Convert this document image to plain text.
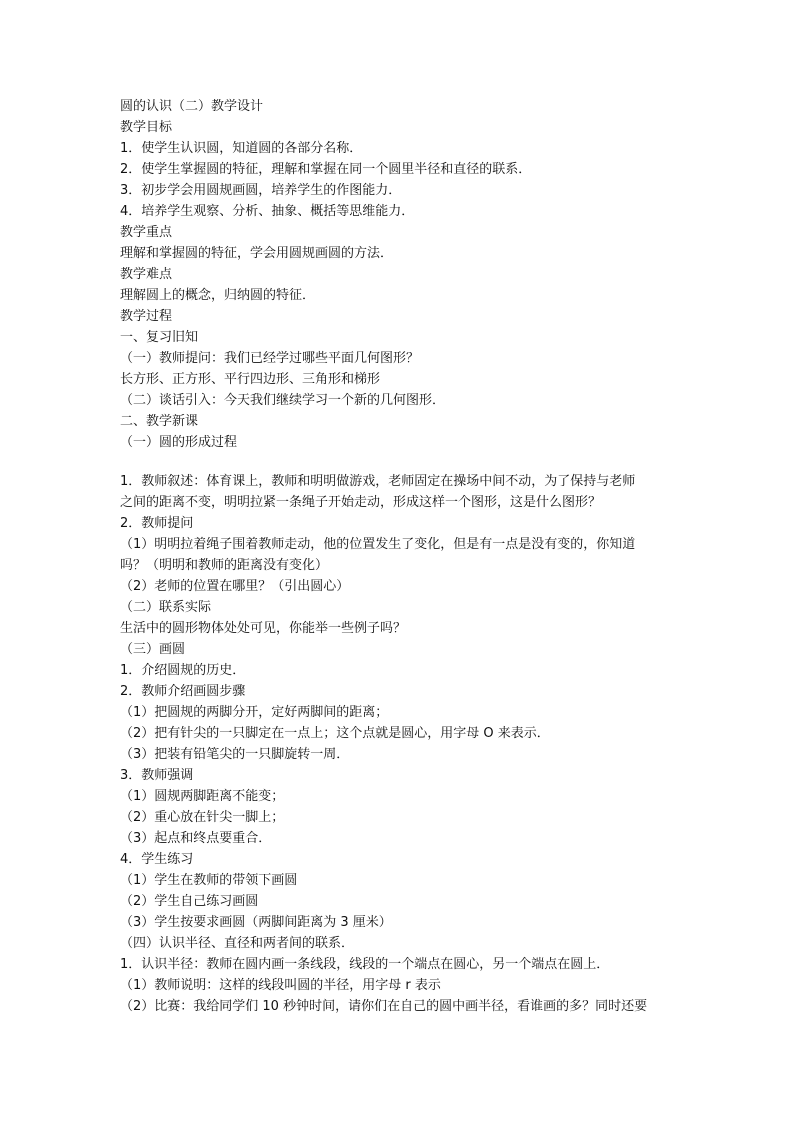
圆的认识（二）教学设计

教学目标

1．使学生认识圆，知道圆的各部分名称．

2．使学生掌握圆的特征，理解和掌握在同一个圆里半径和直径的联系．

3．初步学会用圆规画圆，培养学生的作图能力．

4．培养学生观察、分析、抽象、概括等思维能力．

教学重点

理解和掌握圆的特征，学会用圆规画圆的方法．

教学难点

理解圆上的概念，归纳圆的特征．

教学过程

一、复习旧知

（一）教师提问：我们已经学过哪些平面几何图形？

长方形、正方形、平行四边形、三角形和梯形

（二）谈话引入：今天我们继续学习一个新的几何图形．

二、教学新课

（一）圆的形成过程

1．教师叙述：体育课上，教师和明明做游戏，老师固定在操场中间不动，为了保持与老师

之间的距离不变，明明拉紧一条绳子开始走动，形成这样一个图形，这是什么图形？

2．教师提问

（1）明明拉着绳子围着教师走动，他的位置发生了变化，但是有一点是没有变的，你知道

吗？（明明和教师的距离没有变化）

（2）老师的位置在哪里？（引出圆心）

（二）联系实际

生活中的圆形物体处处可见，你能举一些例子吗？

（三）画圆

1．介绍圆规的历史．

2．教师介绍画圆步骤

（1）把圆规的两脚分开，定好两脚间的距离；

（2）把有针尖的一只脚定在一点上；这个点就是圆心，用字母 O 来表示．

（3）把装有铅笔尖的一只脚旋转一周．

3．教师强调

（1）圆规两脚距离不能变；

（2）重心放在针尖一脚上；

（3）起点和终点要重合．

4．学生练习

（1）学生在教师的带领下画圆

（2）学生自己练习画圆

（3）学生按要求画圆（两脚间距离为 3 厘米）

（四）认识半径、直径和两者间的联系．

1．认识半径：教师在圆内画一条线段，线段的一个端点在圆心，另一个端点在圆上．

（1）教师说明：这样的线段叫圆的半径，用字母 r 表示

（2）比赛：我给同学们 10 秒钟时间，请你们在自己的圆中画半径，看谁画的多？同时还要
